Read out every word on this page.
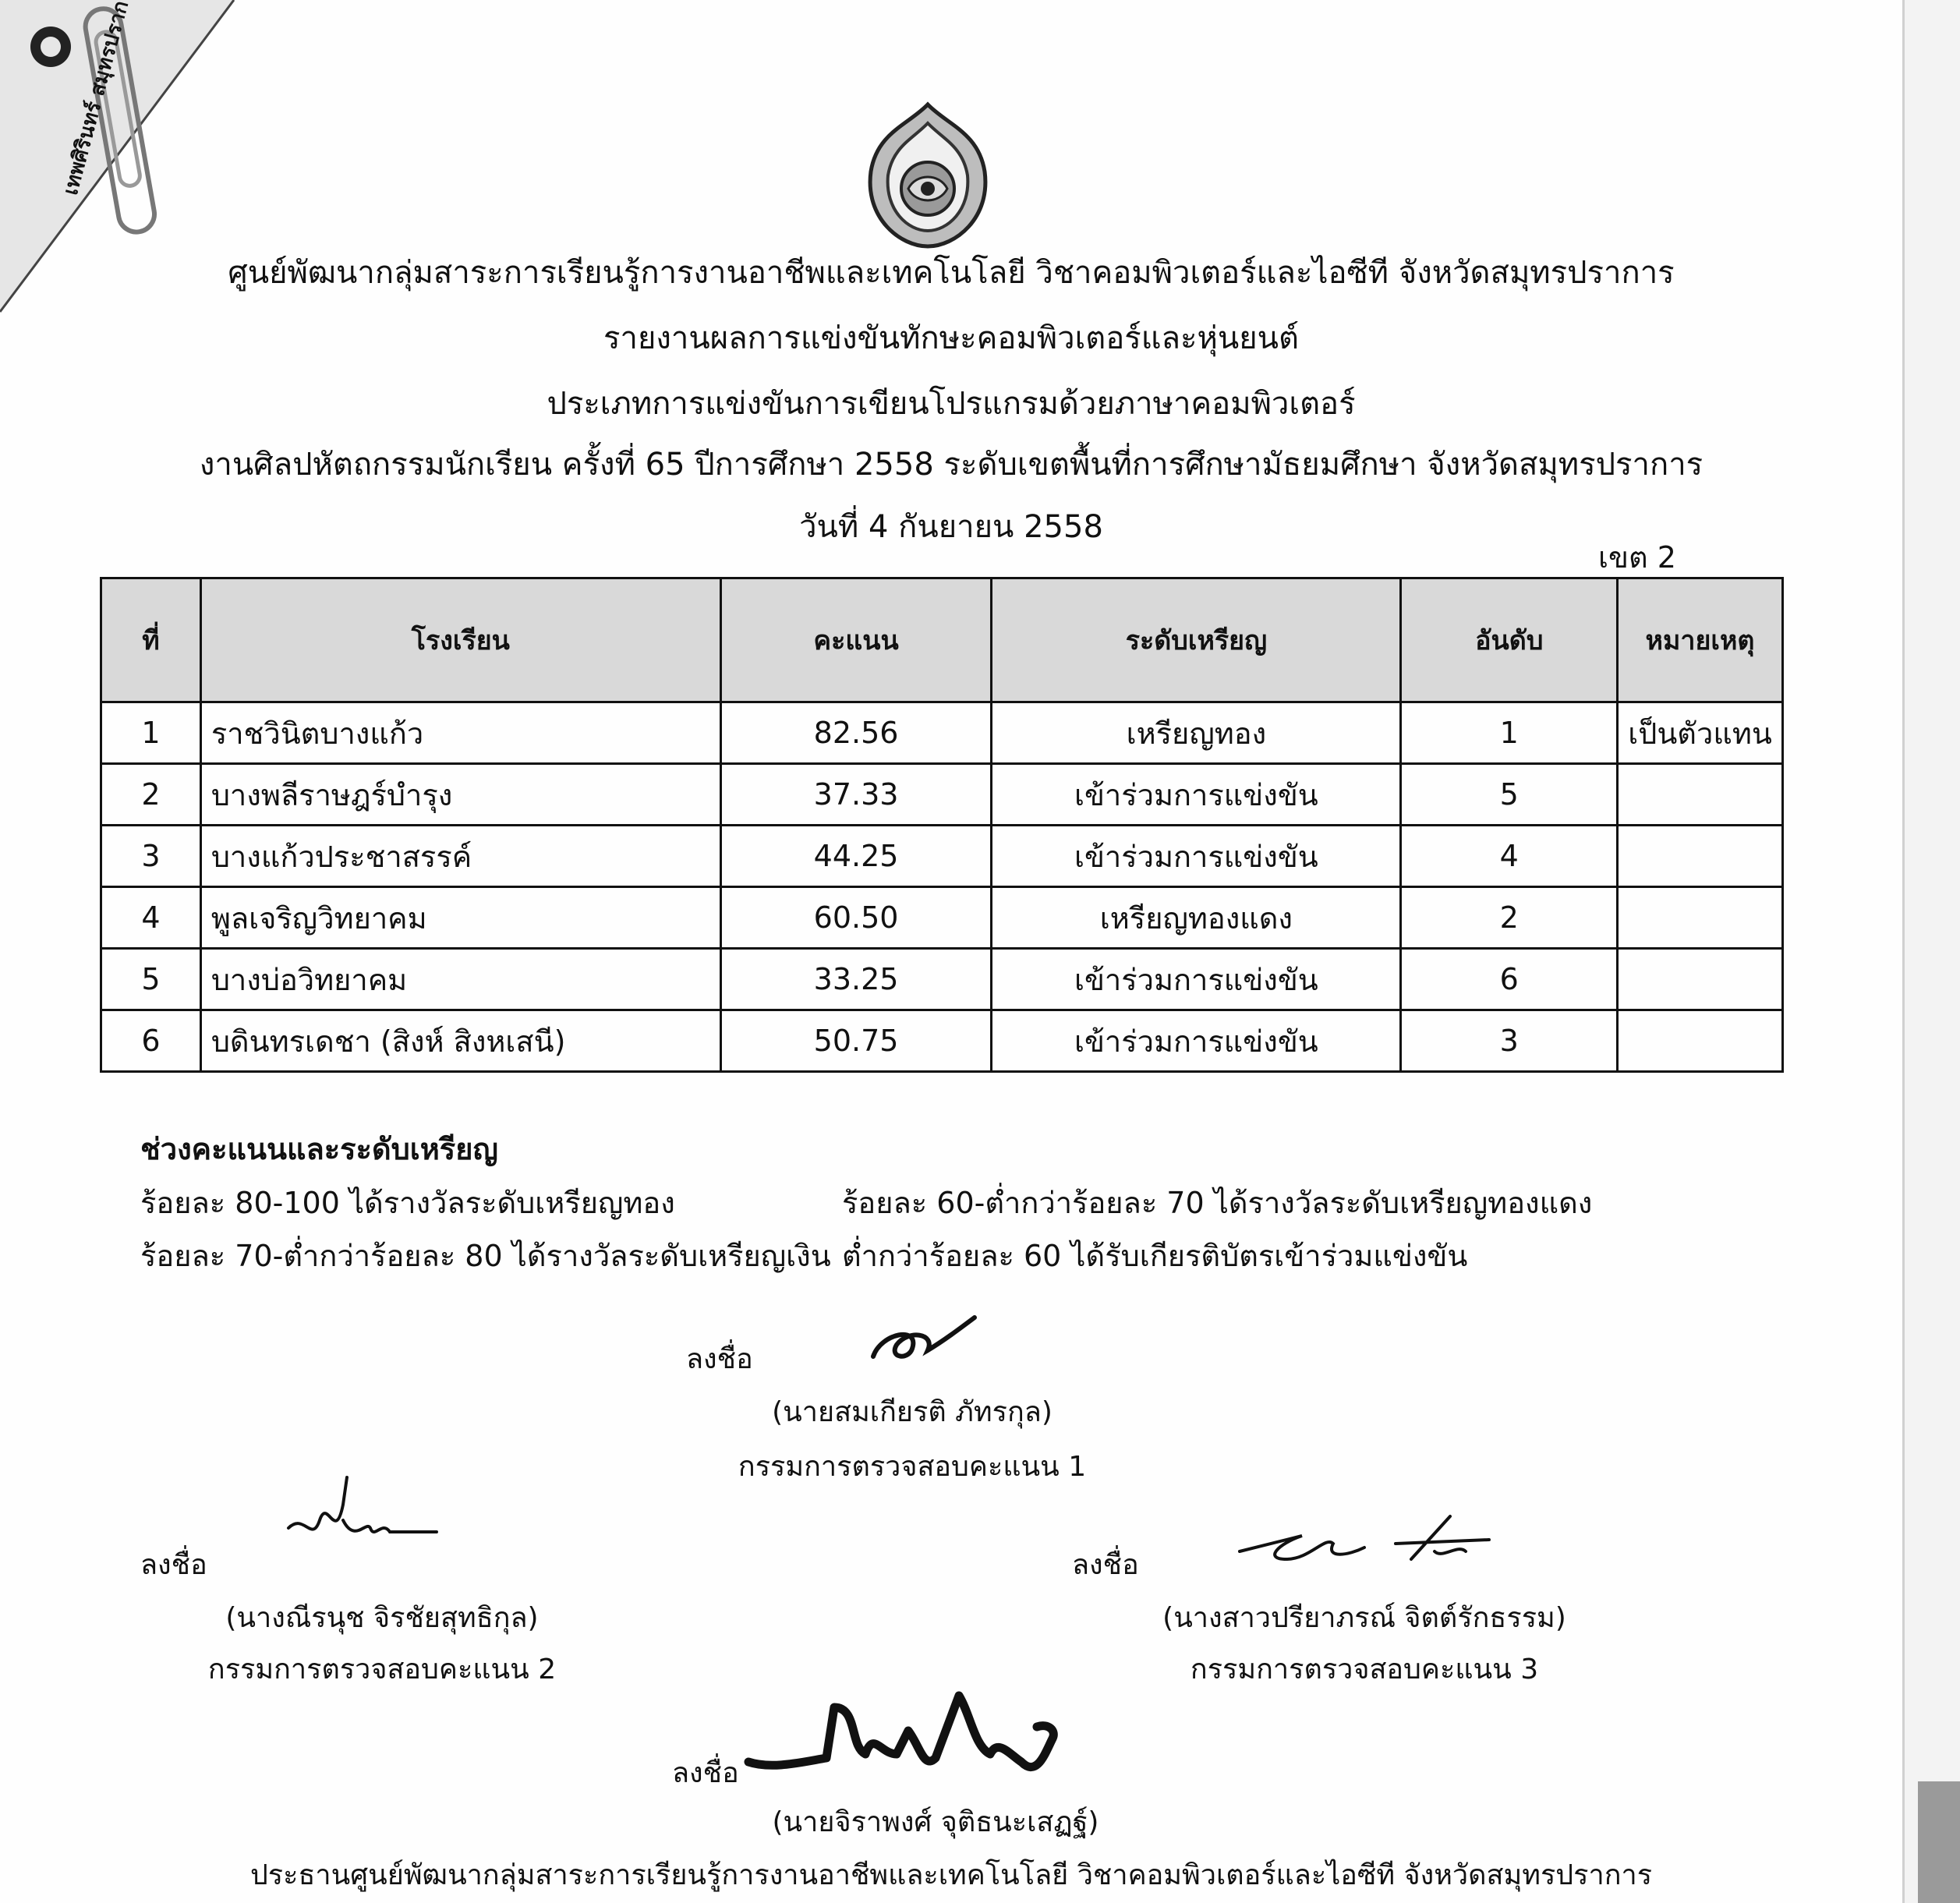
ศูนย์พัฒนากลุ่มสาระการเรียนรู้การงานอาชีพและเทคโนโลยี วิชาคอมพิวเตอร์และไอซีที จังหวัดสมุทรปราการ
รายงานผลการแข่งขันทักษะคอมพิวเตอร์และหุ่นยนต์
ประเภทการแข่งขันการเขียนโปรแกรมด้วยภาษาคอมพิวเตอร์
งานศิลปหัตถกรรมนักเรียน ครั้งที่ 65 ปีการศึกษา 2558 ระดับเขตพื้นที่การศึกษามัธยมศึกษา จังหวัดสมุทรปราการ
วันที่ 4 กันยายน 2558
เขต 2
ที่	โรงเรียน	คะแนน	ระดับเหรียญ	อันดับ	หมายเหตุ
1	ราชวินิตบางแก้ว	82.56	เหรียญทอง	1	เป็นตัวแทน
2	บางพลีราษฎร์บำรุง	37.33	เข้าร่วมการแข่งขัน	5	
3	บางแก้วประชาสรรค์	44.25	เข้าร่วมการแข่งขัน	4	
4	พูลเจริญวิทยาคม	60.50	เหรียญทองแดง	2	
5	บางบ่อวิทยาคม	33.25	เข้าร่วมการแข่งขัน	6	
6	บดินทรเดชา (สิงห์ สิงหเสนี)	50.75	เข้าร่วมการแข่งขัน	3	
ช่วงคะแนนและระดับเหรียญ
ร้อยละ 80-100 ได้รางวัลระดับเหรียญทอง
ร้อยละ 70-ต่ำกว่าร้อยละ 80 ได้รางวัลระดับเหรียญเงิน
ร้อยละ 60-ต่ำกว่าร้อยละ 70 ได้รางวัลระดับเหรียญทองแดง
ต่ำกว่าร้อยละ 60 ได้รับเกียรติบัตรเข้าร่วมแข่งขัน
ลงชื่อ
(นายสมเกียรติ ภัทรกุล)
กรรมการตรวจสอบคะแนน 1
ลงชื่อ
(นางณีรนุช จิรชัยสุทธิกุล)
กรรมการตรวจสอบคะแนน 2
ลงชื่อ
(นางสาวปรียาภรณ์ จิตต์รักธรรม)
กรรมการตรวจสอบคะแนน 3
ลงชื่อ
(นายจิราพงศ์ จุติธนะเสฏฐ์)
ประธานศูนย์พัฒนากลุ่มสาระการเรียนรู้การงานอาชีพและเทคโนโลยี วิชาคอมพิวเตอร์และไอซีที จังหวัดสมุทรปราการ
